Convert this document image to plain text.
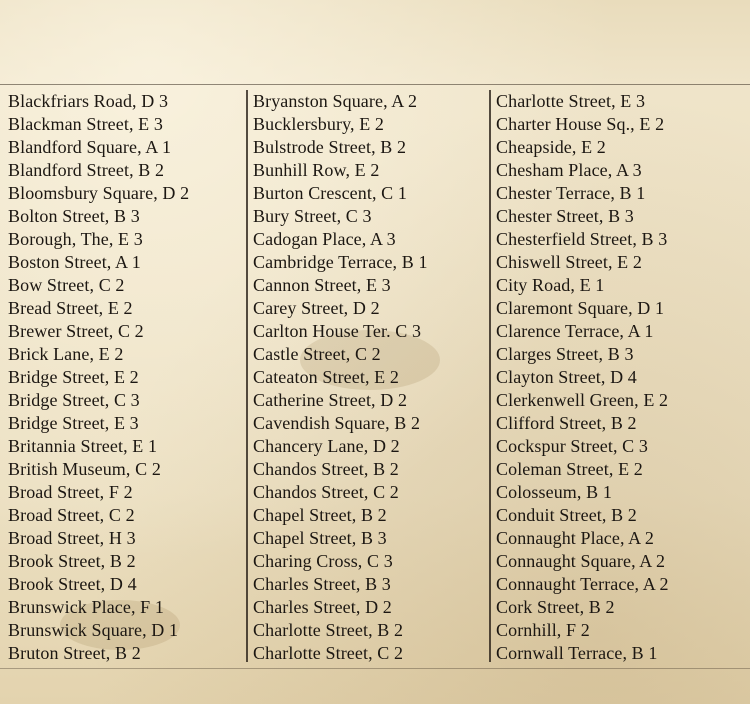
Blackfriars Road, D 3
Blackman Street, E 3
Blandford Square, A 1
Blandford Street, B 2
Bloomsbury Square, D 2
Bolton Street, B 3
Borough, The, E 3
Boston Street, A 1
Bow Street, C 2
Bread Street, E 2
Brewer Street, C 2
Brick Lane, E 2
Bridge Street, E 2
Bridge Street, C 3
Bridge Street, E 3
Britannia Street, E 1
British Museum, C 2
Broad Street, F 2
Broad Street, C 2
Broad Street, H 3
Brook Street, B 2
Brook Street, D 4
Brunswick Place, F 1
Brunswick Square, D 1
Bruton Street, B 2
Bryanston Square, A 2
Bucklersbury, E 2
Bulstrode Street, B 2
Bunhill Row, E 2
Burton Crescent, C 1
Bury Street, C 3
Cadogan Place, A 3
Cambridge Terrace, B 1
Cannon Street, E 3
Carey Street, D 2
Carlton House Ter. C 3
Castle Street, C 2
Cateaton Street, E 2
Catherine Street, D 2
Cavendish Square, B 2
Chancery Lane, D 2
Chandos Street, B 2
Chandos Street, C 2
Chapel Street, B 2
Chapel Street, B 3
Charing Cross, C 3
Charles Street, B 3
Charles Street, D 2
Charlotte Street, B 2
Charlotte Street, C 2
Charlotte Street, E 3
Charter House Sq., E 2
Cheapside, E 2
Chesham Place, A 3
Chester Terrace, B 1
Chester Street, B 3
Chesterfield Street, B 3
Chiswell Street, E 2
City Road, E 1
Claremont Square, D 1
Clarence Terrace, A 1
Clarges Street, B 3
Clayton Street, D 4
Clerkenwell Green, E 2
Clifford Street, B 2
Cockspur Street, C 3
Coleman Street, E 2
Colosseum, B 1
Conduit Street, B 2
Connaught Place, A 2
Connaught Square, A 2
Connaught Terrace, A 2
Cork Street, B 2
Cornhill, F 2
Cornwall Terrace, B 1
